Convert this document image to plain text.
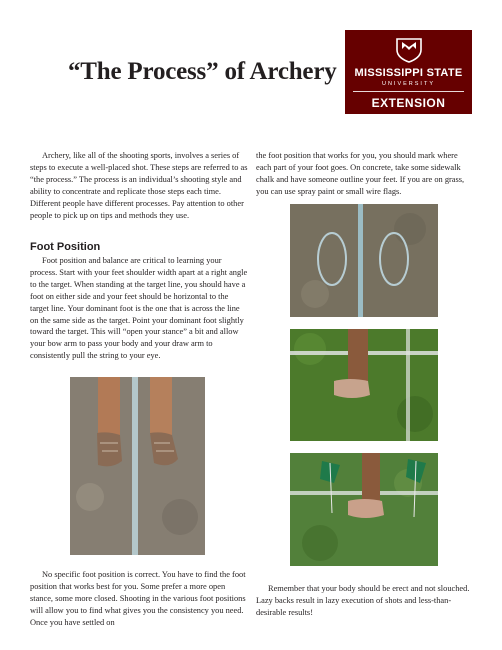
“The Process” of Archery	MISSISSIPPI STATE
UNIVERSITY
EXTENSION

Archery, like all of the shooting sports, involves a series of steps to execute a well-placed shot. These steps are referred to as “the process.” The process is an individual’s shooting style and ability to concentrate and replicate those steps each time. Different people have different processes. Pay attention to other people to pick up on tips and methods they use.

Foot Position

Foot position and balance are critical to learning your process. Start with your feet shoulder width apart at a right angle to the target. When standing at the target line, you should have a foot on either side and your feet should be horizontal to the target line. Your dominant foot is the one that is across the line on the same side as the target. Point your dominant foot slightly toward the target. This will “open your stance” a bit and allow your bow arm to pass your body and your draw arm to consistently pull the string to your eye.

No specific foot position is correct. You have to find the foot position that works best for you. Some prefer a more open stance, some more closed. Shooting in the various foot positions will allow you to find what gives you the consistency you need. Once you have settled on

the foot position that works for you, you should mark where each part of your foot goes. On concrete, take some sidewalk chalk and have someone outline your feet. If you are on grass, you can use spray paint or small wire flags.

Remember that your body should be erect and not slouched. Lazy backs result in lazy execution of shots and less-than-desirable results!
